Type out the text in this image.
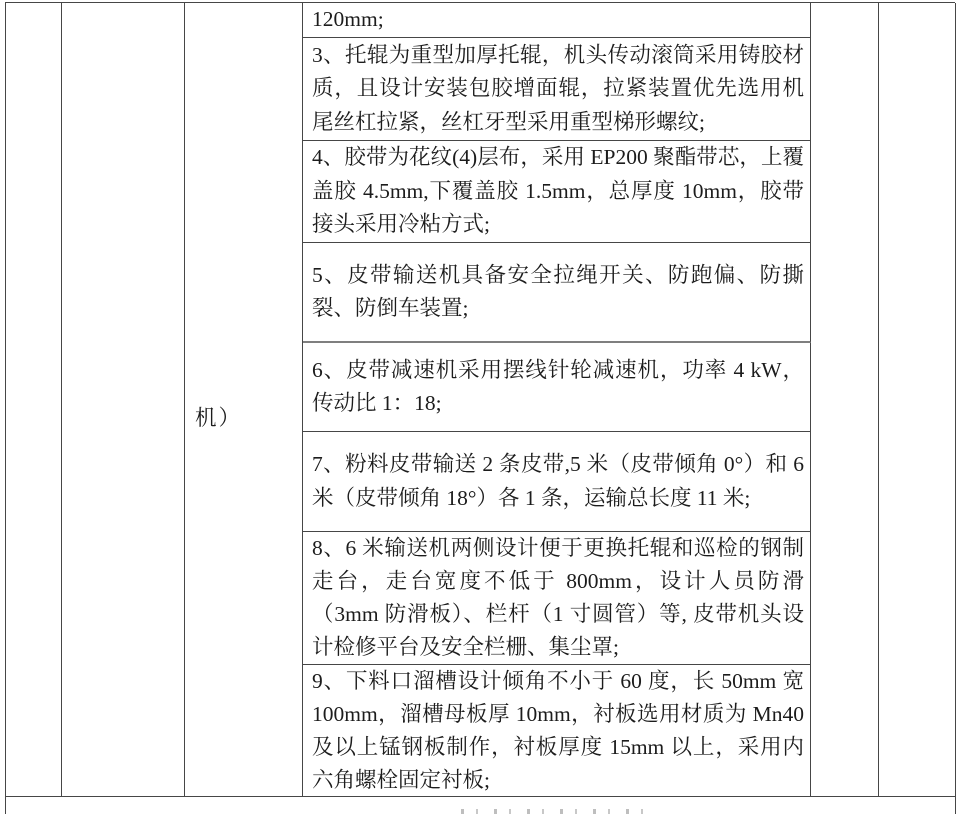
机）
120mm;
3、托辊为重型加厚托辊，机头传动滚筒采用铸胶材质，且设计安装包胶增面辊，拉紧装置优先选用机尾丝杠拉紧，丝杠牙型采用重型梯形螺纹;
4、胶带为花纹(4)层布，采用 EP200 聚酯带芯，上覆盖胶 4.5mm,下覆盖胶 1.5mm，总厚度 10mm，胶带接头采用冷粘方式;
5、皮带输送机具备安全拉绳开关、防跑偏、防撕裂、防倒车装置;
6、皮带减速机采用摆线针轮减速机，功率 4 kW，传动比 1：18;
7、粉料皮带输送 2 条皮带,5 米（皮带倾角 0°）和 6 米（皮带倾角 18°）各 1 条，运输总长度 11 米;
8、6 米输送机两侧设计便于更换托辊和巡检的钢制走台，走台宽度不低于 800mm，设计人员防滑（3mm 防滑板）、栏杆（1 寸圆管）等, 皮带机头设计检修平台及安全栏栅、集尘罩;
9、下料口溜槽设计倾角不小于 60 度，长 50mm 宽 100mm，溜槽母板厚 10mm，衬板选用材质为 Mn40 及以上锰钢板制作，衬板厚度 15mm 以上，采用内六角螺栓固定衬板;
